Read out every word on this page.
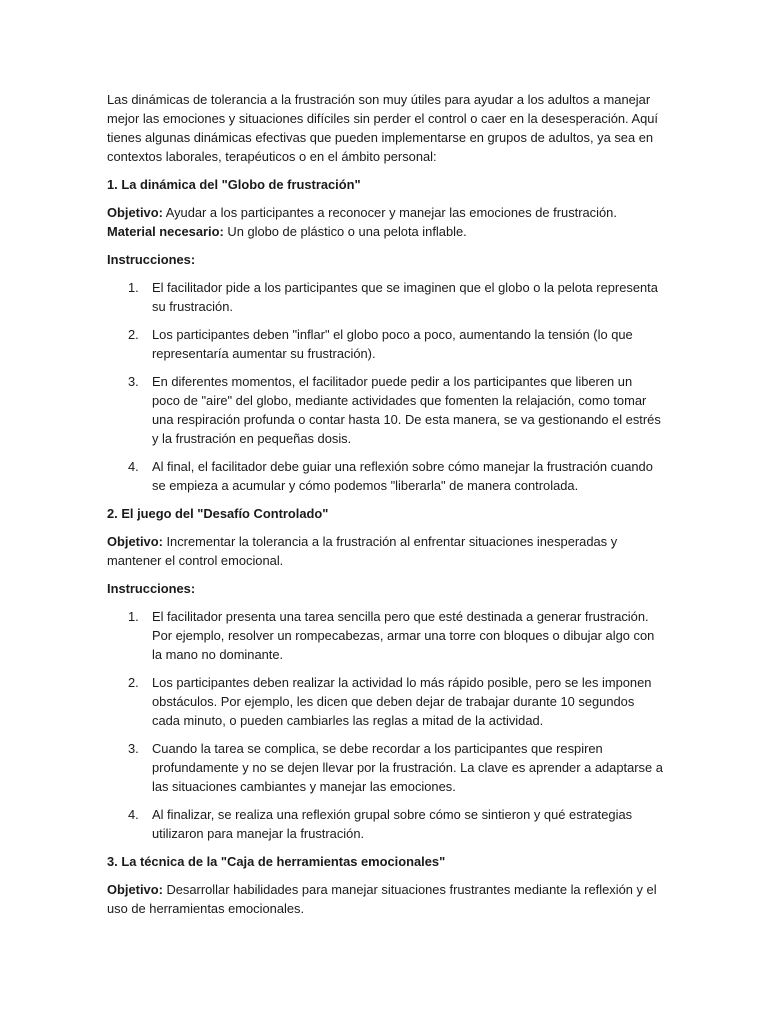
Las dinámicas de tolerancia a la frustración son muy útiles para ayudar a los adultos a manejar mejor las emociones y situaciones difíciles sin perder el control o caer en la desesperación. Aquí tienes algunas dinámicas efectivas que pueden implementarse en grupos de adultos, ya sea en contextos laborales, terapéuticos o en el ámbito personal:

1. La dinámica del "Globo de frustración"

Objetivo: Ayudar a los participantes a reconocer y manejar las emociones de frustración.

Material necesario: Un globo de plástico o una pelota inflable.

Instrucciones:

1. El facilitador pide a los participantes que se imaginen que el globo o la pelota representa su frustración.
2. Los participantes deben "inflar" el globo poco a poco, aumentando la tensión (lo que representaría aumentar su frustración).
3. En diferentes momentos, el facilitador puede pedir a los participantes que liberen un poco de "aire" del globo, mediante actividades que fomenten la relajación, como tomar una respiración profunda o contar hasta 10. De esta manera, se va gestionando el estrés y la frustración en pequeñas dosis.
4. Al final, el facilitador debe guiar una reflexión sobre cómo manejar la frustración cuando se empieza a acumular y cómo podemos "liberarla" de manera controlada.

2. El juego del "Desafío Controlado"

Objetivo: Incrementar la tolerancia a la frustración al enfrentar situaciones inesperadas y mantener el control emocional.

Instrucciones:

1. El facilitador presenta una tarea sencilla pero que esté destinada a generar frustración. Por ejemplo, resolver un rompecabezas, armar una torre con bloques o dibujar algo con la mano no dominante.
2. Los participantes deben realizar la actividad lo más rápido posible, pero se les imponen obstáculos. Por ejemplo, les dicen que deben dejar de trabajar durante 10 segundos cada minuto, o pueden cambiarles las reglas a mitad de la actividad.
3. Cuando la tarea se complica, se debe recordar a los participantes que respiren profundamente y no se dejen llevar por la frustración. La clave es aprender a adaptarse a las situaciones cambiantes y manejar las emociones.
4. Al finalizar, se realiza una reflexión grupal sobre cómo se sintieron y qué estrategias utilizaron para manejar la frustración.

3. La técnica de la "Caja de herramientas emocionales"

Objetivo: Desarrollar habilidades para manejar situaciones frustrantes mediante la reflexión y el uso de herramientas emocionales.
